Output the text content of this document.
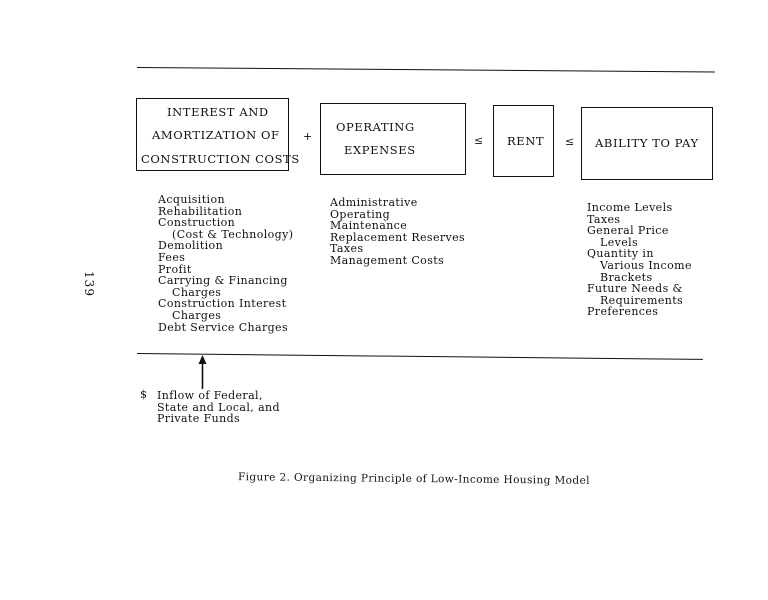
139
INTEREST AND
AMORTIZATION OF
CONSTRUCTION COSTS
+
OPERATING
EXPENSES
≤ RENT ≤ ABILITY TO PAY
Acquisition
Rehabilitation
Construction
(Cost & Technology)
Demolition
Fees
Profit
Carrying & Financing
Charges
Construction Interest
Charges
Debt Service Charges
Administrative
Operating
Maintenance
Replacement Reserves
Taxes
Management Costs
Income Levels
Taxes
General Price
Levels
Quantity in
Various Income
Brackets
Future Needs &
Requirements
Preferences
$ Inflow of Federal,
State and Local, and
Private Funds
Figure 2. Organizing Principle of Low-Income Housing Model
